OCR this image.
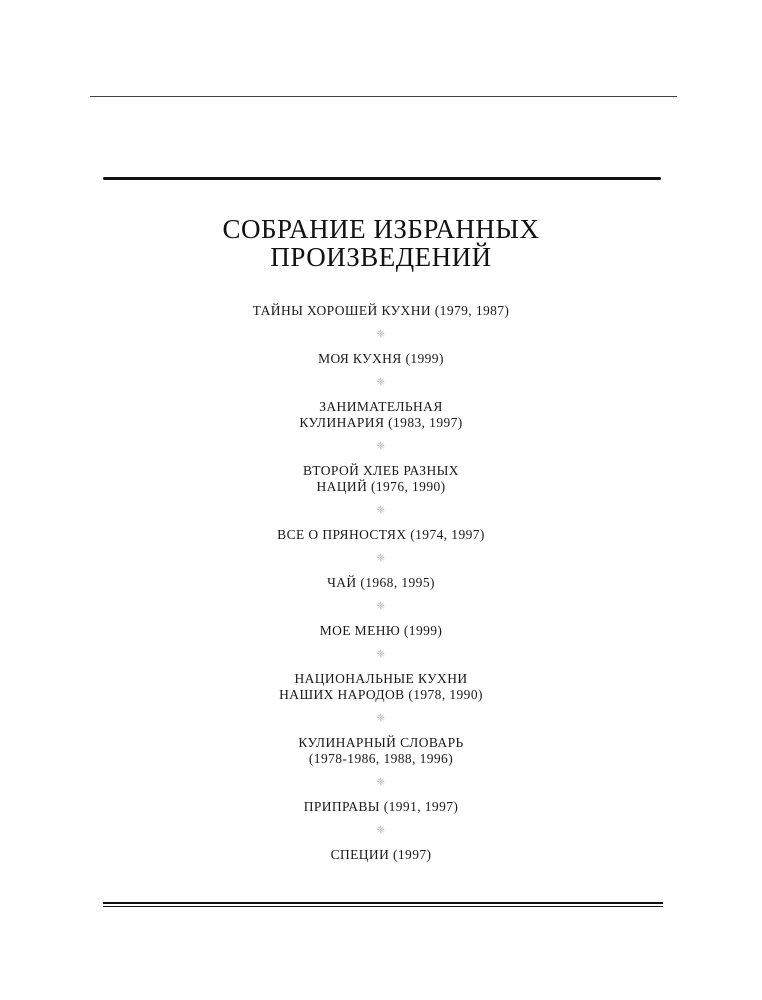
СОБРАНИЕ ИЗБРАННЫХ
ПРОИЗВЕДЕНИЙ
ТАЙНЫ ХОРОШЕЙ КУХНИ (1979, 1987)
❈
МОЯ КУХНЯ (1999)
❈
ЗАНИМАТЕЛЬНАЯ
КУЛИНАРИЯ (1983, 1997)
❈
ВТОРОЙ ХЛЕБ РАЗНЫХ
НАЦИЙ (1976, 1990)
❈
ВСЕ О ПРЯНОСТЯХ (1974, 1997)
❈
ЧАЙ (1968, 1995)
❈
МОЕ МЕНЮ (1999)
❈
НАЦИОНАЛЬНЫЕ КУХНИ
НАШИХ НАРОДОВ (1978, 1990)
❈
КУЛИНАРНЫЙ СЛОВАРЬ
(1978-1986, 1988, 1996)
❈
ПРИПРАВЫ (1991, 1997)
❈
СПЕЦИИ (1997)
